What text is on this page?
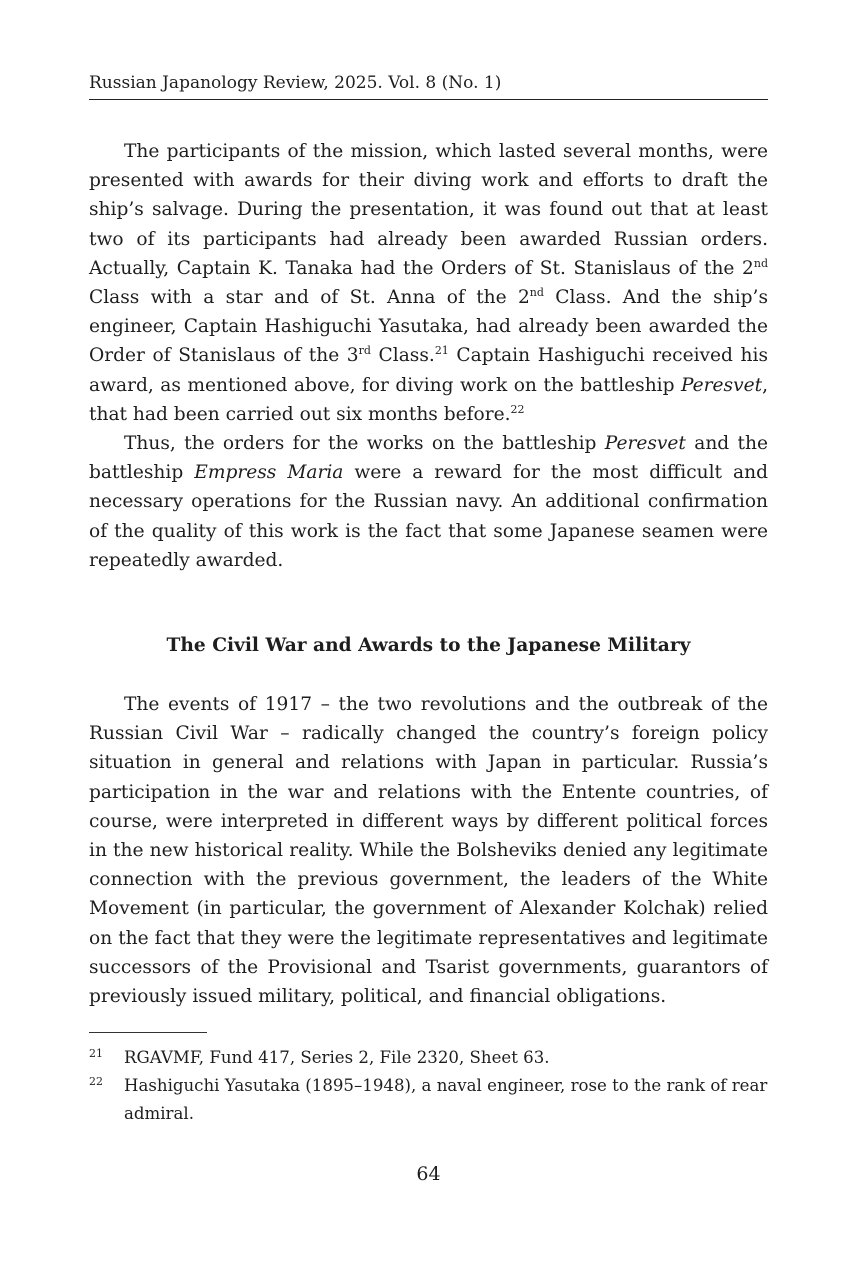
Russian Japanology Review, 2025. Vol. 8 (No. 1)

The participants of the mission, which lasted several months, were presented with awards for their diving work and efforts to draft the ship’s salvage. During the presentation, it was found out that at least two of its participants had already been awarded Russian orders. Actually, Captain K. Tanaka had the Orders of St. Stanislaus of the 2nd Class with a star and of St. Anna of the 2nd Class. And the ship’s engineer, Captain Hashiguchi Yasutaka, had already been awarded the Order of Stanislaus of the 3rd Class.$^{21}$ Captain Hashiguchi received his award, as mentioned above, for diving work on the battleship Peresvet, that had been carried out six months before.$^{22}$

Thus, the orders for the works on the battleship Peresvet and the battleship Empress Maria were a reward for the most difficult and necessary operations for the Russian navy. An additional confirmation of the quality of this work is the fact that some Japanese seamen were repeatedly awarded.

The Civil War and Awards to the Japanese Military

The events of 1917 – the two revolutions and the outbreak of the Russian Civil War – radically changed the country’s foreign policy situation in general and relations with Japan in particular. Russia’s participation in the war and relations with the Entente countries, of course, were interpreted in different ways by different political forces in the new historical reality. While the Bolsheviks denied any legitimate connection with the previous government, the leaders of the White Movement (in particular, the government of Alexander Kolchak) relied on the fact that they were the legitimate representatives and legitimate successors of the Provisional and Tsarist governments, guarantors of previously issued military, political, and financial obligations.

21 RGAVMF, Fund 417, Series 2, File 2320, Sheet 63.

22 Hashiguchi Yasutaka (1895–1948), a naval engineer, rose to the rank of rear admiral.

64
